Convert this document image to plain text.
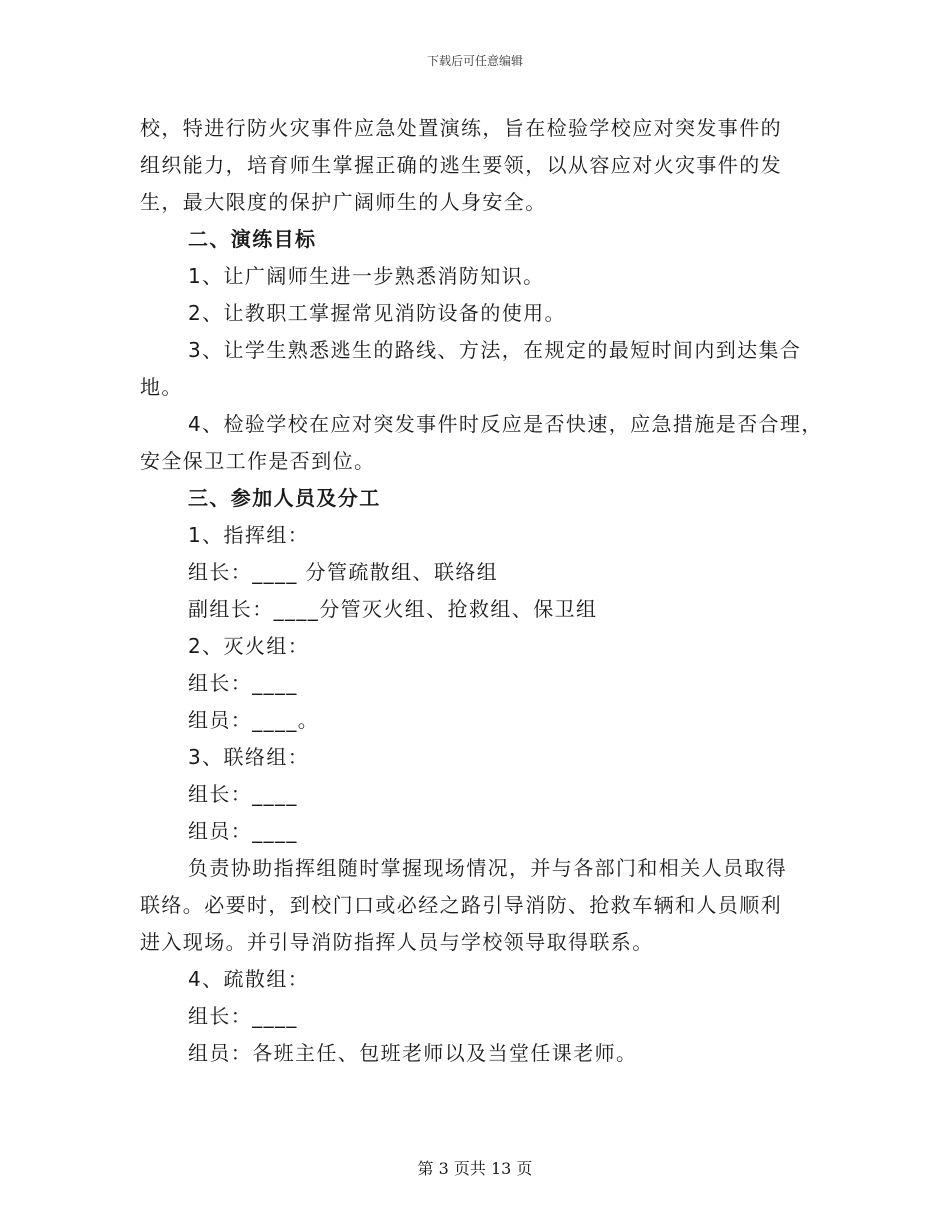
下载后可任意编辑
校，特进行防火灾事件应急处置演练，旨在检验学校应对突发事件的
组织能力，培育师生掌握正确的逃生要领，以从容应对火灾事件的发
生，最大限度的保护广阔师生的人身安全。
二、演练目标
1、让广阔师生进一步熟悉消防知识。
2、让教职工掌握常见消防设备的使用。
3、让学生熟悉逃生的路线、方法，在规定的最短时间内到达集合
地。
4、检验学校在应对突发事件时反应是否快速，应急措施是否合理，
安全保卫工作是否到位。
三、参加人员及分工
1、指挥组：
组长：____ 分管疏散组、联络组
副组长：____分管灭火组、抢救组、保卫组
2、灭火组：
组长：____
组员：____。
3、联络组：
组长：____
组员：____
负责协助指挥组随时掌握现场情况，并与各部门和相关人员取得
联络。必要时，到校门口或必经之路引导消防、抢救车辆和人员顺利
进入现场。并引导消防指挥人员与学校领导取得联系。
4、疏散组：
组长：____
组员：各班主任、包班老师以及当堂任课老师。
第 3 页共 13 页
